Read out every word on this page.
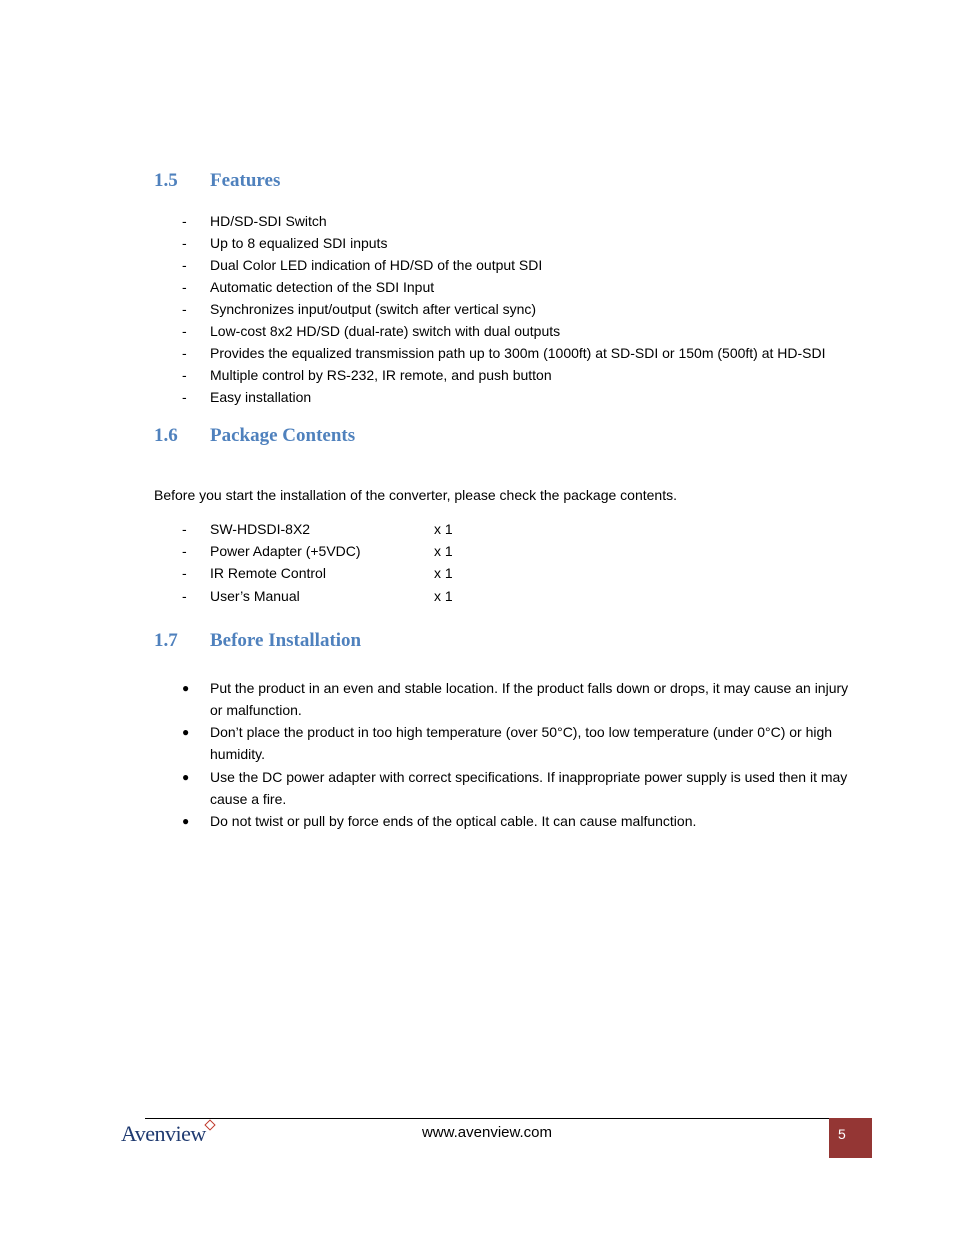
1.5 Features
- HD/SD-SDI Switch
- Up to 8 equalized SDI inputs
- Dual Color LED indication of HD/SD of the output SDI
- Automatic detection of the SDI Input
- Synchronizes input/output (switch after vertical sync)
- Low-cost 8x2 HD/SD (dual-rate) switch with dual outputs
- Provides the equalized transmission path up to 300m (1000ft) at SD-SDI or 150m (500ft) at HD-SDI
- Multiple control by RS-232, IR remote, and push button
- Easy installation
1.6 Package Contents

Before you start the installation of the converter, please check the package contents.

- SW-HDSDI-8X2	x 1
- Power Adapter (+5VDC)	x 1
- IR Remote Control	x 1
- User’s Manual	x 1
1.7 Before Installation
● Put the product in an even and stable location. If the product falls down or drops, it may cause an injury or malfunction.
● Don’t place the product in too high temperature (over 50°C), too low temperature (under 0°C) or high humidity.
● Use the DC power adapter with correct specifications. If inappropriate power supply is used then it may cause a fire.
● Do not twist or pull by force ends of the optical cable. It can cause malfunction.
Avenview	www.avenview.com	5
